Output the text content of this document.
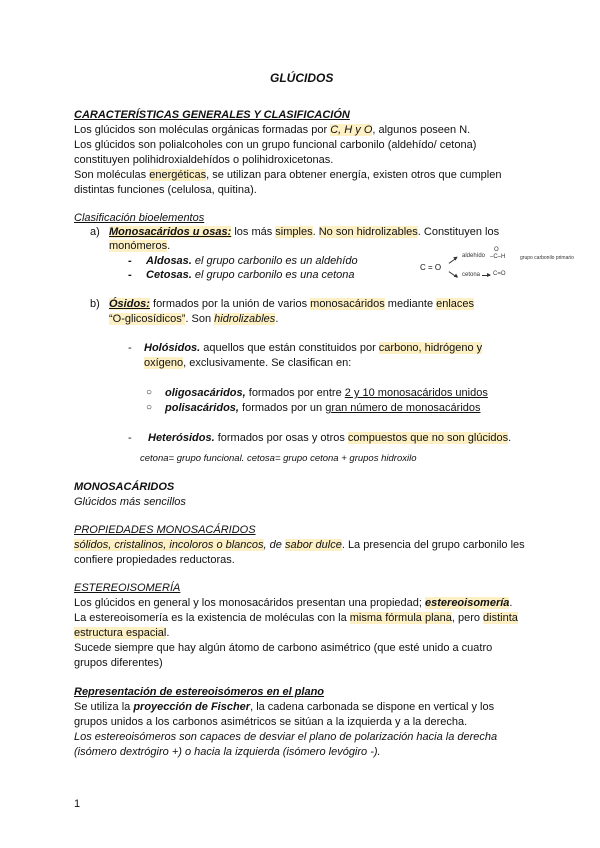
GLÚCIDOS
CARACTERÍSTICAS GENERALES Y CLASIFICACIÓN
Los glúcidos son moléculas orgánicas formadas por C, H y O, algunos poseen N.
Los glúcidos son polialcoholes con un grupo funcional carbonilo (aldehído/ cetona)
constituyen polihidroxialdehídos o polihidroxicetonas.
Son moléculas energéticas, se utilizan para obtener energía, existen otros que cumplen
distintas funciones (celulosa, quitina).
Clasificación bioelementos
a) Monosacáridos u osas: los más simples. No son hidrolizables. Constituyen los
monómeros.
- Aldosas. el grupo carbonilo es un aldehído
- Cetosas. el grupo carbonilo es una cetona
C = O
aldehído
O
–C–H
cetona C=O
grupo carbonilo primario
b) Ósidos: formados por la unión de varios monosacáridos mediante enlaces
“O-glicosídicos”. Son hidrolizables.
- Holósidos. aquellos que están constituidos por carbono, hidrógeno y
oxígeno, exclusivamente. Se clasifican en:
○ oligosacáridos, formados por entre 2 y 10 monosacáridos unidos
○ polisacáridos, formados por un gran número de monosacáridos
- Heterósidos. formados por osas y otros compuestos que no son glúcidos.
cetona= grupo funcional. cetosa= grupo cetona + grupos hidroxilo
MONOSACÁRIDOS
Glúcidos más sencillos
PROPIEDADES MONOSACÁRIDOS
sólidos, cristalinos, incoloros o blancos, de sabor dulce. La presencia del grupo carbonilo les
confiere propiedades reductoras.
ESTEREOISOMERÍA
Los glúcidos en general y los monosacáridos presentan una propiedad; estereoisomería.
La estereoisomería es la existencia de moléculas con la misma fórmula plana, pero distinta
estructura espacial.
Sucede siempre que hay algún átomo de carbono asimétrico (que esté unido a cuatro
grupos diferentes)
Representación de estereoisómeros en el plano
Se utiliza la proyección de Fischer, la cadena carbonada se dispone en vertical y los
grupos unidos a los carbonos asimétricos se sitúan a la izquierda y a la derecha.
Los estereoisómeros son capaces de desviar el plano de polarización hacia la derecha
(isómero dextrógiro +) o hacia la izquierda (isómero levógiro -).
1
